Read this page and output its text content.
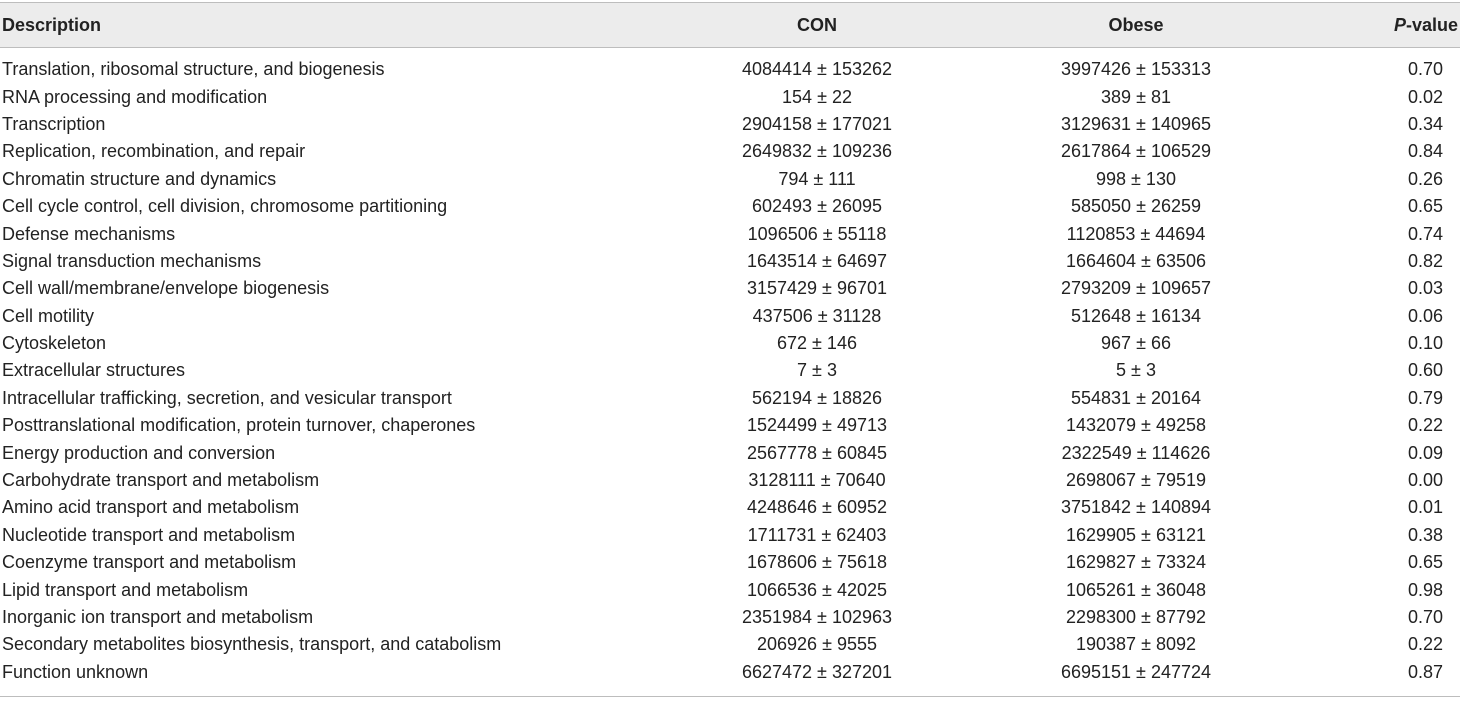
Description	CON	Obese	P-value
Translation, ribosomal structure, and biogenesis	4084414 ± 153262	3997426 ± 153313	0.70
RNA processing and modification	154 ± 22	389 ± 81	0.02
Transcription	2904158 ± 177021	3129631 ± 140965	0.34
Replication, recombination, and repair	2649832 ± 109236	2617864 ± 106529	0.84
Chromatin structure and dynamics	794 ± 111	998 ± 130	0.26
Cell cycle control, cell division, chromosome partitioning	602493 ± 26095	585050 ± 26259	0.65
Defense mechanisms	1096506 ± 55118	1120853 ± 44694	0.74
Signal transduction mechanisms	1643514 ± 64697	1664604 ± 63506	0.82
Cell wall/membrane/envelope biogenesis	3157429 ± 96701	2793209 ± 109657	0.03
Cell motility	437506 ± 31128	512648 ± 16134	0.06
Cytoskeleton	672 ± 146	967 ± 66	0.10
Extracellular structures	7 ± 3	5 ± 3	0.60
Intracellular trafficking, secretion, and vesicular transport	562194 ± 18826	554831 ± 20164	0.79
Posttranslational modification, protein turnover, chaperones	1524499 ± 49713	1432079 ± 49258	0.22
Energy production and conversion	2567778 ± 60845	2322549 ± 114626	0.09
Carbohydrate transport and metabolism	3128111 ± 70640	2698067 ± 79519	0.00
Amino acid transport and metabolism	4248646 ± 60952	3751842 ± 140894	0.01
Nucleotide transport and metabolism	1711731 ± 62403	1629905 ± 63121	0.38
Coenzyme transport and metabolism	1678606 ± 75618	1629827 ± 73324	0.65
Lipid transport and metabolism	1066536 ± 42025	1065261 ± 36048	0.98
Inorganic ion transport and metabolism	2351984 ± 102963	2298300 ± 87792	0.70
Secondary metabolites biosynthesis, transport, and catabolism	206926 ± 9555	190387 ± 8092	0.22
Function unknown	6627472 ± 327201	6695151 ± 247724	0.87
